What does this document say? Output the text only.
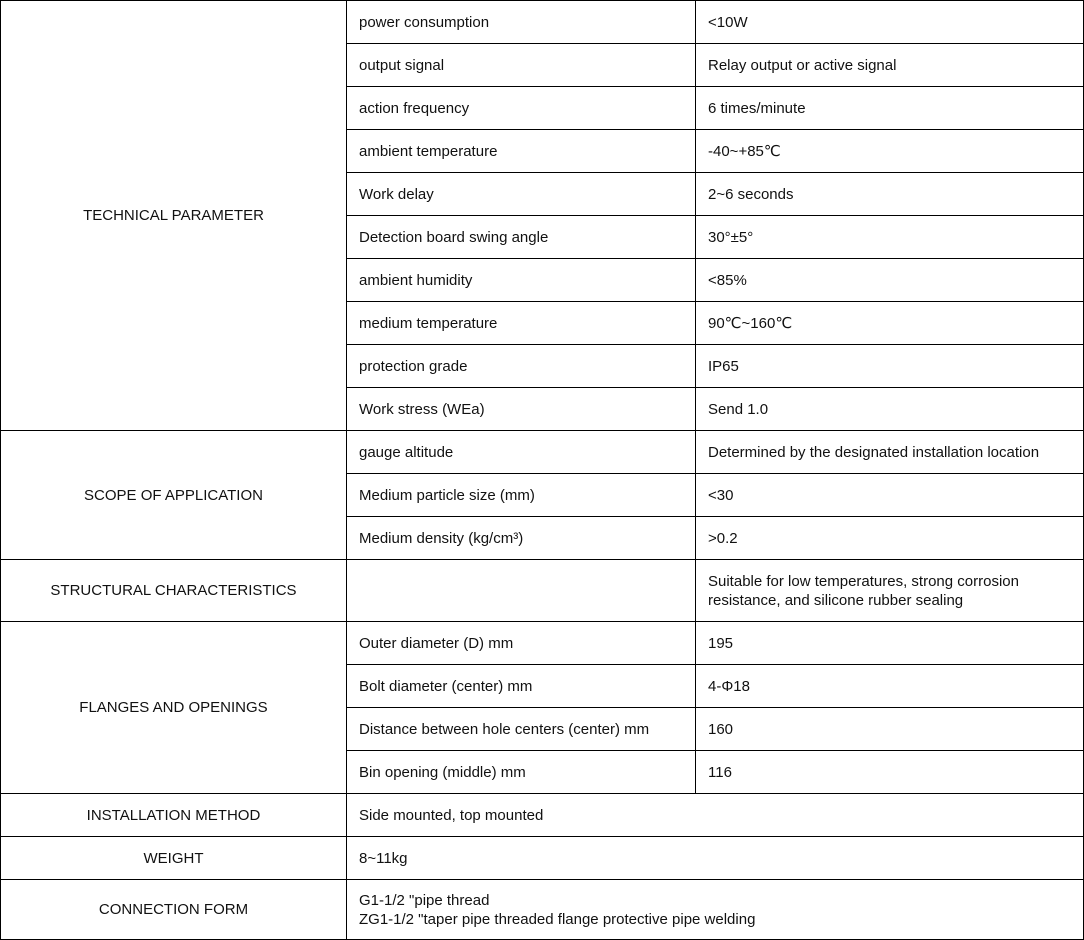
TECHNICAL PARAMETER	power consumption	<10W
	output signal	Relay output or active signal
	action frequency	6 times/minute
	ambient temperature	-40~+85℃
	Work delay	2~6 seconds
	Detection board swing angle	30°±5°
	ambient humidity	<85%
	medium temperature	90℃~160℃
	protection grade	IP65
	Work stress (WEa)	Send 1.0
SCOPE OF APPLICATION	gauge altitude	Determined by the designated installation location
	Medium particle size (mm)	<30
	Medium density (kg/cm³)	>0.2
STRUCTURAL CHARACTERISTICS		Suitable for low temperatures, strong corrosion
resistance, and silicone rubber sealing

FLANGES AND OPENINGS	Outer diameter (D) mm	195
	Bolt diameter (center) mm	4-Φ18
	Distance between hole centers (center) mm	160
	Bin opening (middle) mm	116
INSTALLATION METHOD	Side mounted, top mounted	
WEIGHT	8~11kg	
CONNECTION FORM	G1-1/2 "pipe thread
ZG1-1/2 "taper pipe threaded flange protective pipe welding	
